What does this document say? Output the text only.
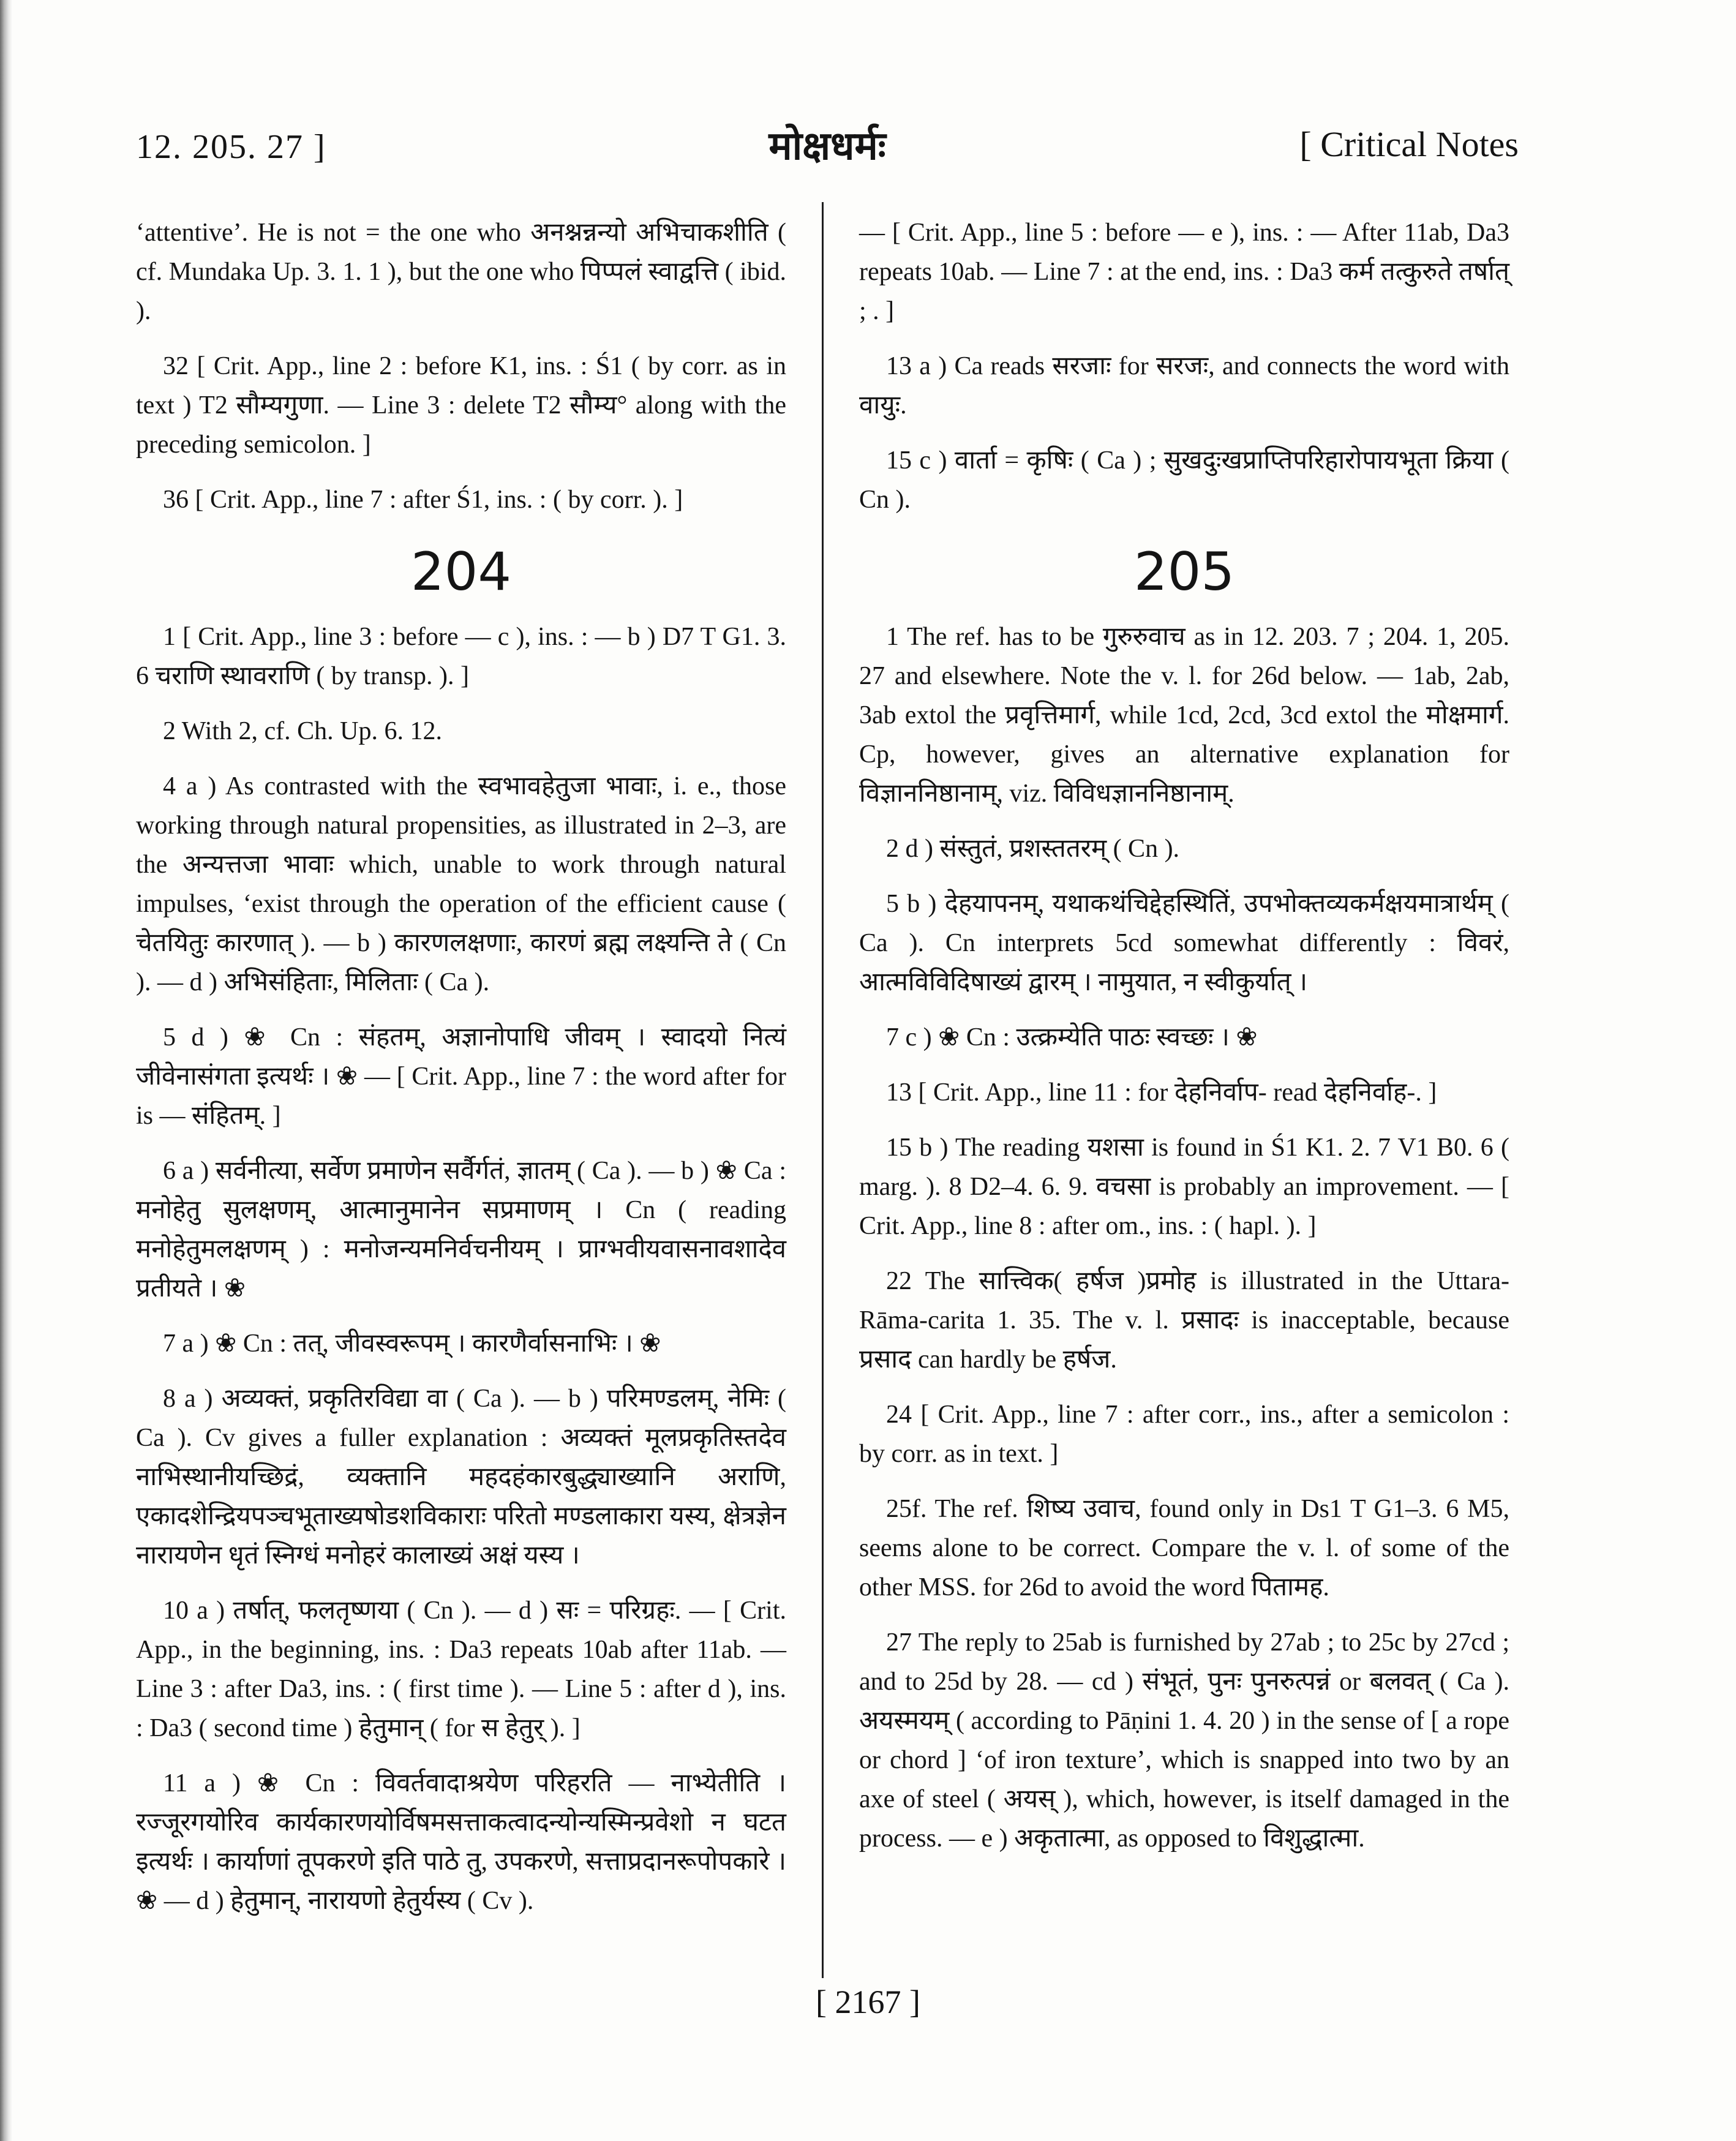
12. 205. 27 ]	मोक्षधर्मः	[ Critical Notes

‘attentive’. He is not = the one who अनश्नन्नन्यो अभिचाकशीति ( cf. Mundaka Up. 3. 1. 1 ), but the one who पिप्पलं स्वाद्वत्ति ( ibid. ).

32 [ Crit. App., line 2 : before K1, ins. : Ś1 ( by corr. as in text ) T2 सौम्यगुणा. — Line 3 : delete T2 सौम्य° along with the preceding semicolon. ]

36 [ Crit. App., line 7 : after Ś1, ins. : ( by corr. ). ]

204

1 [ Crit. App., line 3 : before — c ), ins. : — b ) D7 T G1. 3. 6 चराणि स्थावराणि ( by transp. ). ]

2 With 2, cf. Ch. Up. 6. 12.

4 a ) As contrasted with the स्वभावहेतुजा भावाः, i. e., those working through natural propensities, as illustrated in 2–3, are the अन्यत्तजा भावाः which, unable to work through natural impulses, ‘exist through the operation of the efficient cause ( चेतयितुः कारणात् ). — b ) कारणलक्षणाः, कारणं ब्रह्म लक्ष्यन्ति ते ( Cn ). — d ) अभिसंहिताः, मिलिताः ( Ca ).

5 d ) ❀ Cn : संहतम्, अज्ञानोपाधि जीवम् । स्वादयो नित्यं जीवेनासंगता इत्यर्थः । ❀ — [ Crit. App., line 7 : the word after for is — संहितम्. ]

6 a ) सर्वनीत्या, सर्वेण प्रमाणेन सर्वैर्गतं, ज्ञातम् ( Ca ). — b ) ❀ Ca : मनोहेतु सुलक्षणम्, आत्मानुमानेन सप्रमाणम् । Cn ( reading मनोहेतुमलक्षणम् ) : मनोजन्यमनिर्वचनीयम् । प्राग्भवीयवासनावशादेव प्रतीयते । ❀

7 a ) ❀ Cn : तत्, जीवस्वरूपम् । कारणैर्वासनाभिः । ❀

8 a ) अव्यक्तं, प्रकृतिरविद्या वा ( Ca ). — b ) परिमण्डलम्, नेमिः ( Ca ). Cv gives a fuller explanation : अव्यक्तं मूलप्रकृतिस्तदेव नाभिस्थानीयच्छिद्रं, व्यक्तानि महदहंकारबुद्ध्याख्यानि अराणि, एकादशेन्द्रियपञ्चभूताख्यषोडशविकाराः परितो मण्डलाकारा यस्य, क्षेत्रज्ञेन नारायणेन धृतं स्निग्धं मनोहरं कालाख्यं अक्षं यस्य ।

10 a ) तर्षात्, फलतृष्णया ( Cn ). — d ) सः = परिग्रहः. — [ Crit. App., in the beginning, ins. : Da3 repeats 10ab after 11ab. — Line 3 : after Da3, ins. : ( first time ). — Line 5 : after d ), ins. : Da3 ( second time ) हेतुमान् ( for स हेतुर् ). ]

11 a ) ❀ Cn : विवर्तवादाश्रयेण परिहरति — नाभ्येतीति । रज्जूरगयोरिव कार्यकारणयोर्विषमसत्ताकत्वादन्योन्यस्मिन्प्रवेशो न घटत इत्यर्थः । कार्याणां तूपकरणे इति पाठे तु, उपकरणे, सत्ताप्रदानरूपोपकारे । ❀ — d ) हेतुमान्, नारायणो हेतुर्यस्य ( Cv ).

— [ Crit. App., line 5 : before — e ), ins. : — After 11ab, Da3 repeats 10ab. — Line 7 : at the end, ins. : Da3 कर्म तत्कुरुते तर्षात् ; . ]

13 a ) Ca reads सरजाः for सरजः, and connects the word with वायुः.

15 c ) वार्ता = कृषिः ( Ca ) ; सुखदुःखप्राप्तिपरिहारोपायभूता क्रिया ( Cn ).

205

1 The ref. has to be गुरुरुवाच as in 12. 203. 7 ; 204. 1, 205. 27 and elsewhere. Note the v. l. for 26d below. — 1ab, 2ab, 3ab extol the प्रवृत्तिमार्ग, while 1cd, 2cd, 3cd extol the मोक्षमार्ग. Cp, however, gives an alternative explanation for विज्ञाननिष्ठानाम्, viz. विविधज्ञाननिष्ठानाम्.

2 d ) संस्तुतं, प्रशस्ततरम् ( Cn ).

5 b ) देहयापनम्, यथाकथंचिद्देहस्थितिं, उपभोक्तव्यकर्मक्षयमात्रार्थम् ( Ca ). Cn interprets 5cd somewhat differently : विवरं, आत्मविविदिषाख्यं द्वारम् । नामुयात, न स्वीकुर्यात् ।

7 c ) ❀ Cn : उत्क्रम्येति पाठः स्वच्छः । ❀

13 [ Crit. App., line 11 : for देहनिर्वाप- read देहनिर्वाह-. ]

15 b ) The reading यशसा is found in Ś1 K1. 2. 7 V1 B0. 6 ( marg. ). 8 D2–4. 6. 9. वचसा is probably an improvement. — [ Crit. App., line 8 : after om., ins. : ( hapl. ). ]

22 The सात्त्विक( हर्षज )प्रमोह is illustrated in the Uttara-Rāma-carita 1. 35. The v. l. प्रसादः is inacceptable, because प्रसाद can hardly be हर्षज.

24 [ Crit. App., line 7 : after corr., ins., after a semicolon : by corr. as in text. ]

25f. The ref. शिष्य उवाच, found only in Ds1 T G1–3. 6 M5, seems alone to be correct. Compare the v. l. of some of the other MSS. for 26d to avoid the word पितामह.

27 The reply to 25ab is furnished by 27ab ; to 25c by 27cd ; and to 25d by 28. — cd ) संभूतं, पुनः पुनरुत्पन्नं or बलवत् ( Ca ). अयस्मयम् ( according to Pāṇini 1. 4. 20 ) in the sense of [ a rope or chord ] ‘of iron texture’, which is snapped into two by an axe of steel ( अयस् ), which, however, is itself damaged in the process. — e ) अकृतात्मा, as opposed to विशुद्धात्मा.

[ 2167 ]
